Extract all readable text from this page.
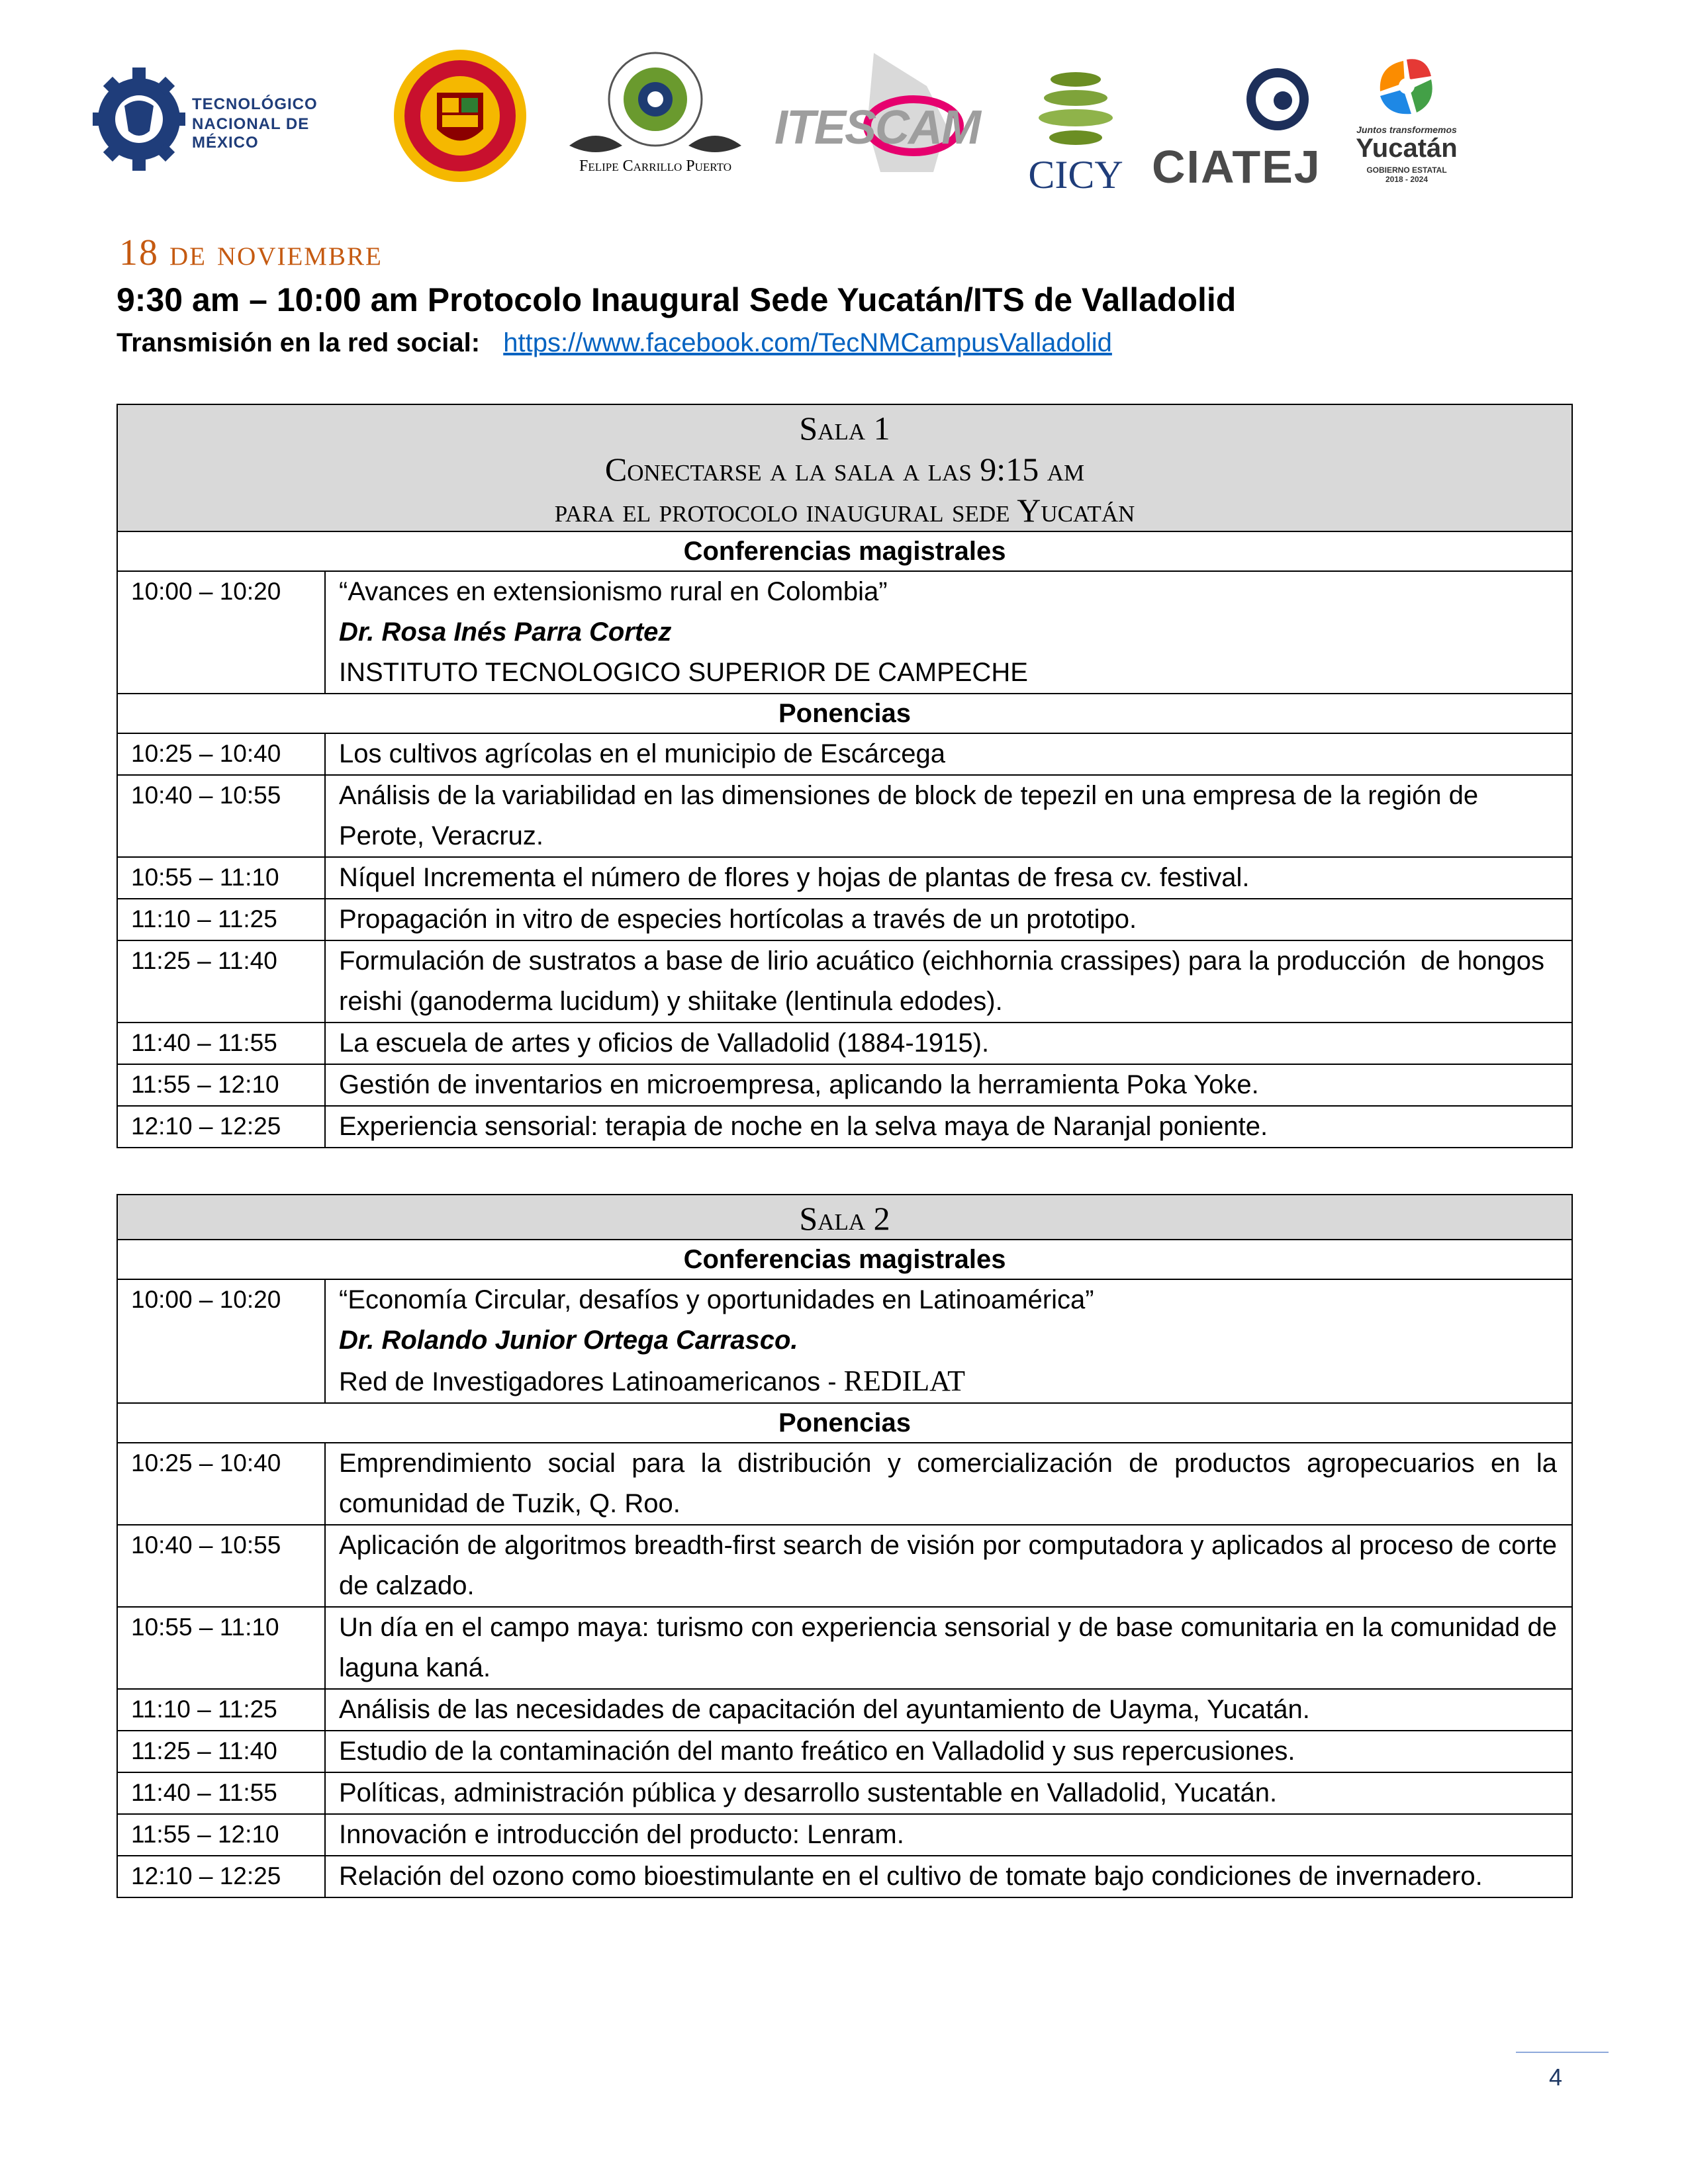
TECNOLÓGICO
NACIONAL DE MÉXICO
Felipe Carrillo Puerto
ITESCAM
CICY CIATEJ
Juntos transformemos
Yucatán
GOBIERNO ESTATAL
2018 - 2024
18 de noviembre
9:30 am – 10:00 am Protocolo Inaugural Sede Yucatán/ITS de Valladolid
Transmisión en la red social: https://www.facebook.com/TecNMCampusValladolid
Sala 1
Conectarse a la sala a las 9:15 am
para el protocolo inaugural sede Yucatán	

Conferencias magistrales	
10:00 – 10:20	“Avances en extensionismo rural en Colombia”
Dr. Rosa Inés Parra Cortez
INSTITUTO TECNOLOGICO SUPERIOR DE CAMPECHE

Ponencias	
10:25 – 10:40	Los cultivos agrícolas en el municipio de Escárcega
10:40 – 10:55	Análisis de la variabilidad en las dimensiones de block de tepezil en una empresa de la región de Perote, Veracruz.
10:55 – 11:10	Níquel Incrementa el número de flores y hojas de plantas de fresa cv. festival.
11:10 – 11:25	Propagación in vitro de especies hortícolas a través de un prototipo.
11:25 – 11:40	Formulación de sustratos a base de lirio acuático (eichhornia crassipes) para la producción  de hongos reishi (ganoderma lucidum) y shiitake (lentinula edodes).
11:40 – 11:55	La escuela de artes y oficios de Valladolid (1884-1915).
11:55 – 12:10	Gestión de inventarios en microempresa, aplicando la herramienta Poka Yoke.
12:10 – 12:25	Experiencia sensorial: terapia de noche en la selva maya de Naranjal poniente.
Sala 2	

Conferencias magistrales	
10:00 – 10:20	“Economía Circular, desafíos y oportunidades en Latinoamérica”
Dr. Rolando Junior Ortega Carrasco.
Red de Investigadores Latinoamericanos - REDILAT

Ponencias	
10:25 – 10:40	Emprendimiento social para la distribución y comercialización de productos agropecuarios en la comunidad de Tuzik, Q. Roo.
10:40 – 10:55	Aplicación de algoritmos breadth-first search de visión por computadora y aplicados al proceso de corte de calzado.
10:55 – 11:10	Un día en el campo maya: turismo con experiencia sensorial y de base comunitaria en la comunidad de laguna kaná.
11:10 – 11:25	Análisis de las necesidades de capacitación del ayuntamiento de Uayma, Yucatán.
11:25 – 11:40	Estudio de la contaminación del manto freático en Valladolid y sus repercusiones.
11:40 – 11:55	Políticas, administración pública y desarrollo sustentable en Valladolid, Yucatán.
11:55 – 12:10	Innovación e introducción del producto: Lenram.
12:10 – 12:25	Relación del ozono como bioestimulante en el cultivo de tomate bajo condiciones de invernadero.
4
